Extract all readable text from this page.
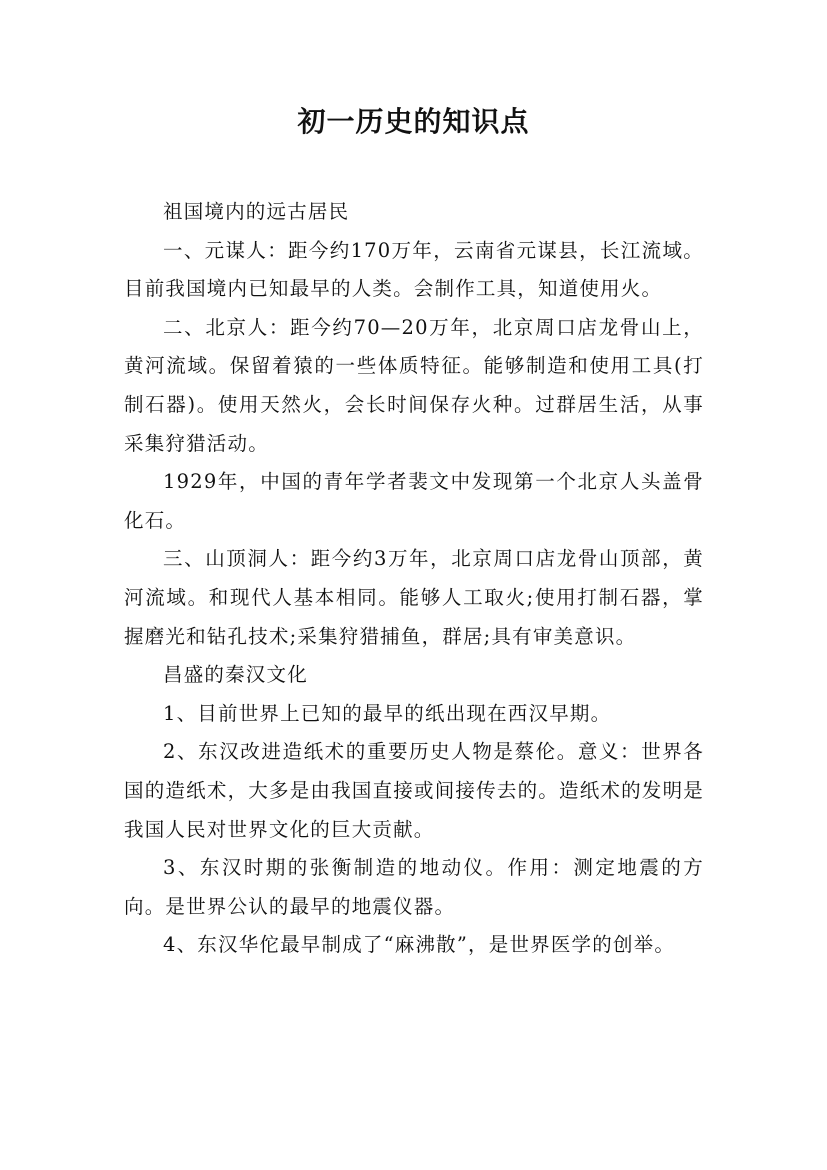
初一历史的知识点

祖国境内的远古居民

一、元谋人：距今约170万年，云南省元谋县，长江流域。目前我国境内已知最早的人类。会制作工具，知道使用火。

二、北京人：距今约70—20万年，北京周口店龙骨山上，黄河流域。保留着猿的一些体质特征。能够制造和使用工具(打制石器)。使用天然火，会长时间保存火种。过群居生活，从事采集狩猎活动。

1929年，中国的青年学者裴文中发现第一个北京人头盖骨化石。

三、山顶洞人：距今约3万年，北京周口店龙骨山顶部，黄河流域。和现代人基本相同。能够人工取火;使用打制石器，掌握磨光和钻孔技术;采集狩猎捕鱼，群居;具有审美意识。

昌盛的秦汉文化

1、目前世界上已知的最早的纸出现在西汉早期。

2、东汉改进造纸术的重要历史人物是蔡伦。意义：世界各国的造纸术，大多是由我国直接或间接传去的。造纸术的发明是我国人民对世界文化的巨大贡献。

3、东汉时期的张衡制造的地动仪。作用：测定地震的方向。是世界公认的最早的地震仪器。

4、东汉华佗最早制成了“麻沸散”，是世界医学的创举。
